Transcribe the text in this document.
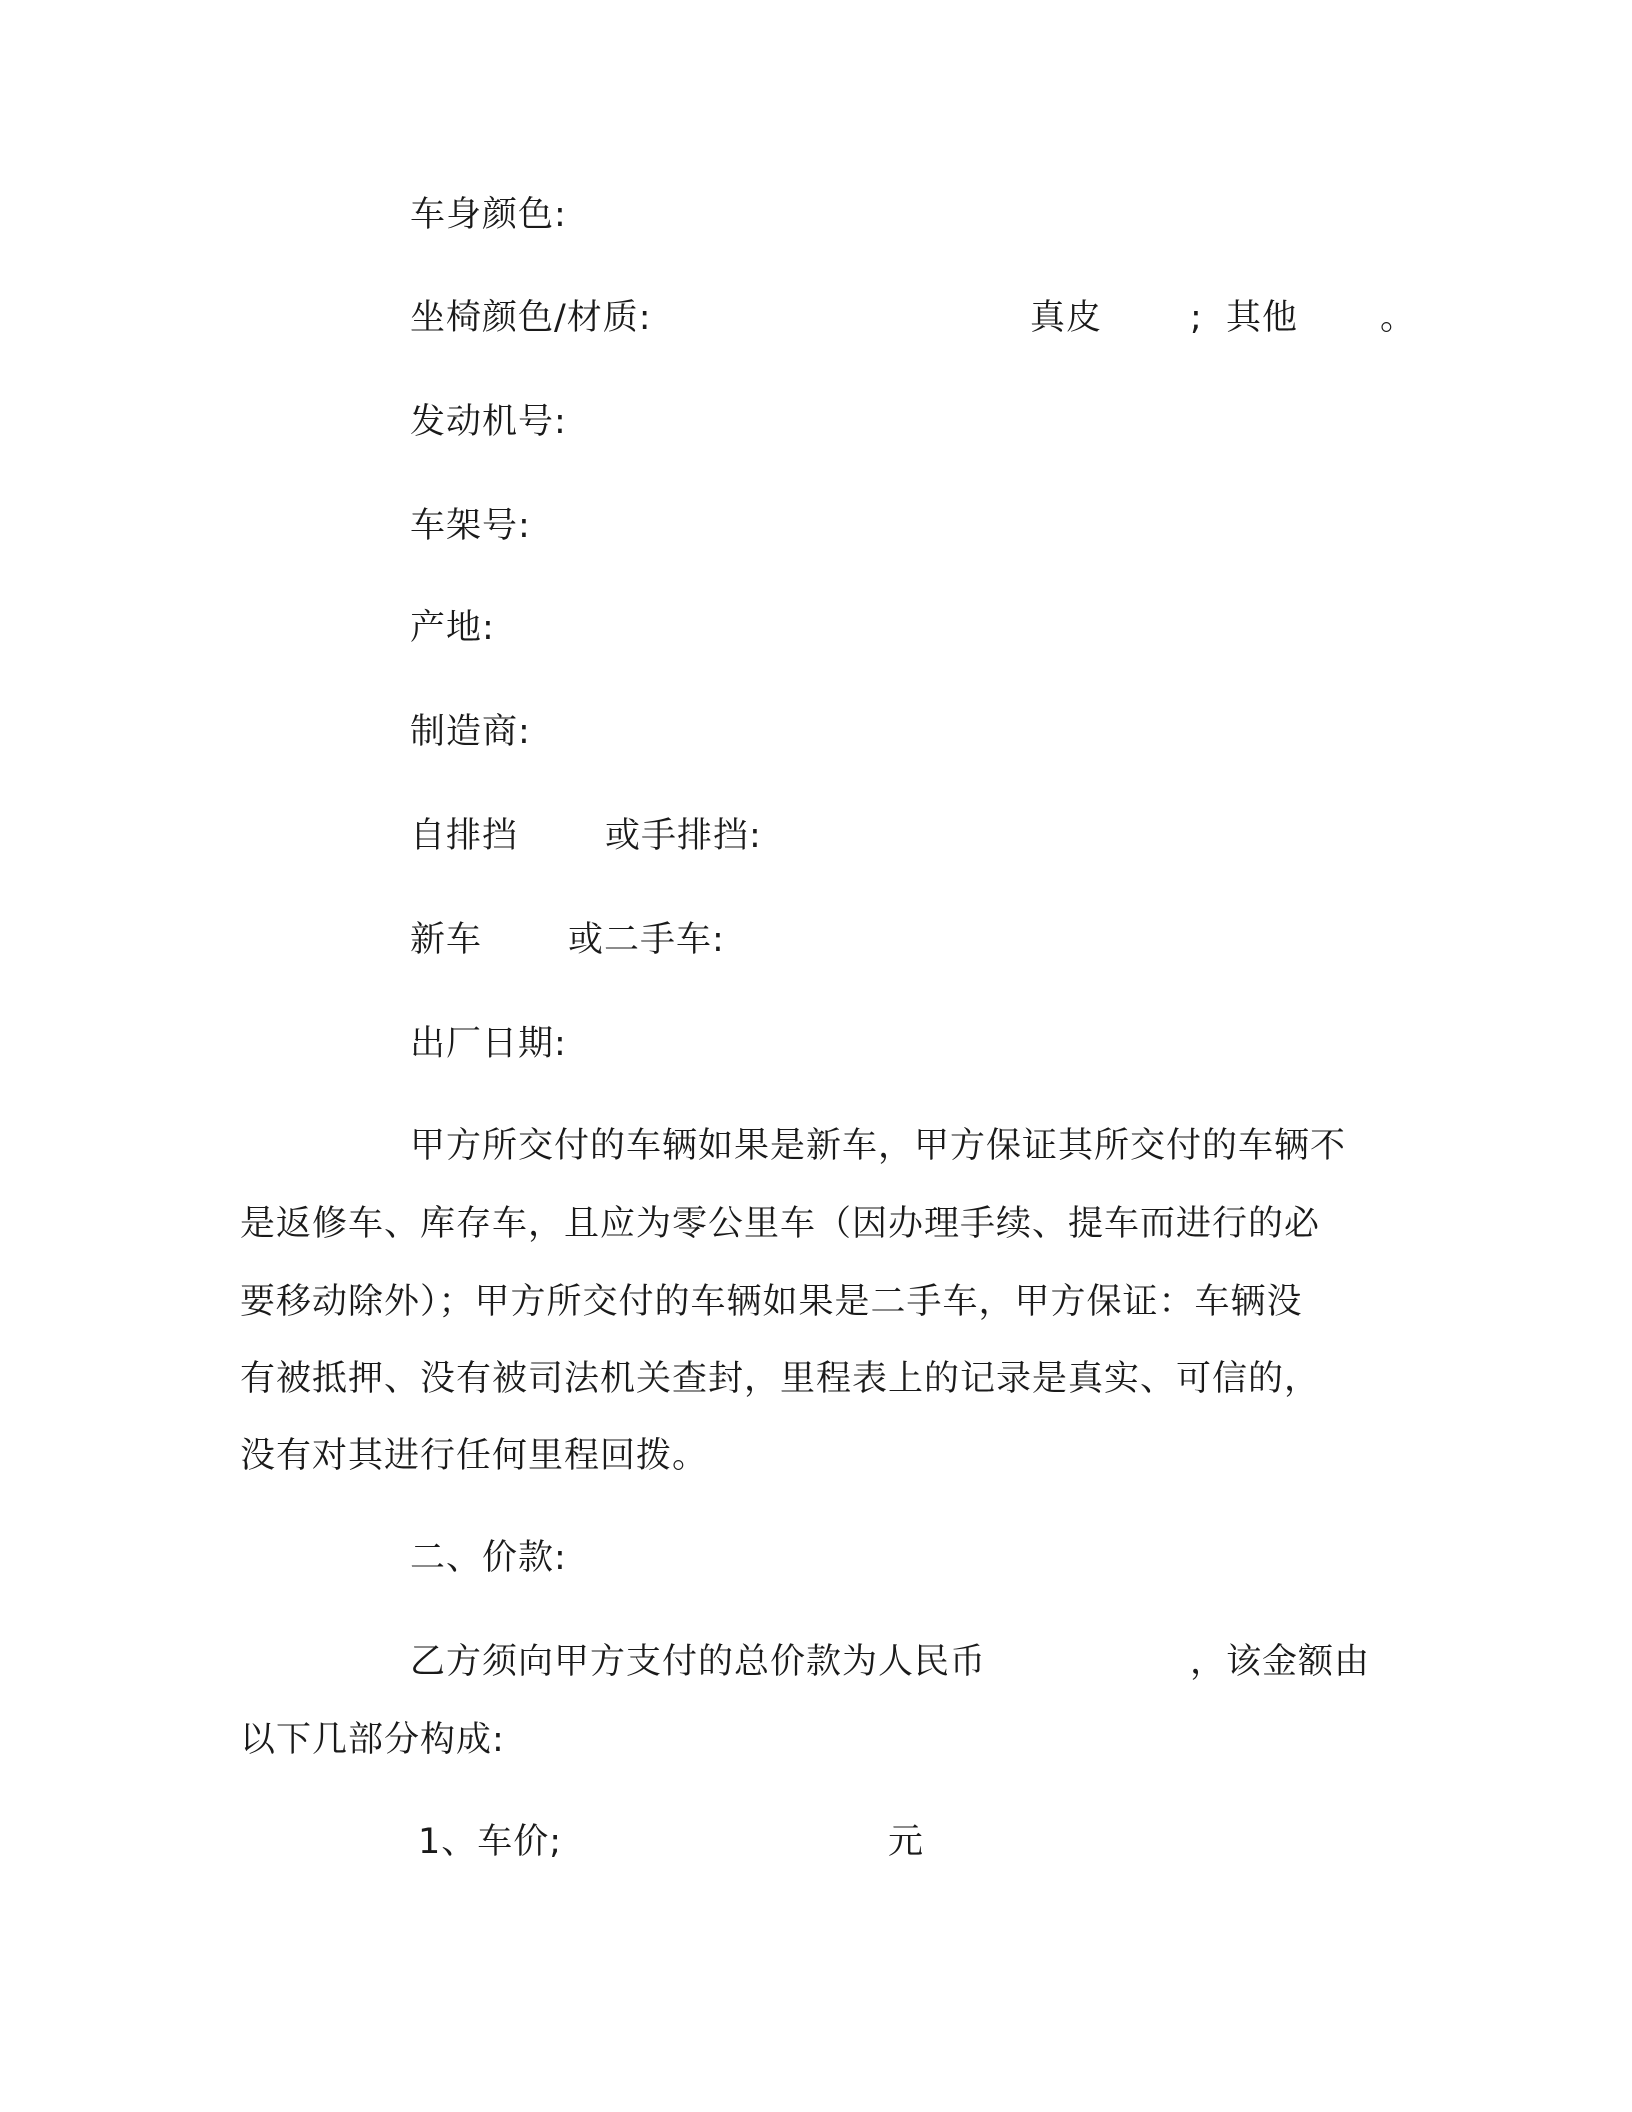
车身颜色:
坐椅颜色/材质:	真皮	; 其他 。
发动机号:
车架号:
产地:
制造商:
自排挡 或手排挡:
新车 或二手车:
出厂日期:
甲方所交付的车辆如果是新车，甲方保证其所交付的车辆不
是返修车、库存车，且应为零公里车（因办理手续、提车而进行的必
要移动除外）；甲方所交付的车辆如果是二手车，甲方保证：车辆没
有被抵押、没有被司法机关查封，里程表上的记录是真实、可信的，
没有对其进行任何里程回拨。
二、价款:
乙方须向甲方支付的总价款为人民币	，该金额由
以下几部分构成:
1、车价;	元
